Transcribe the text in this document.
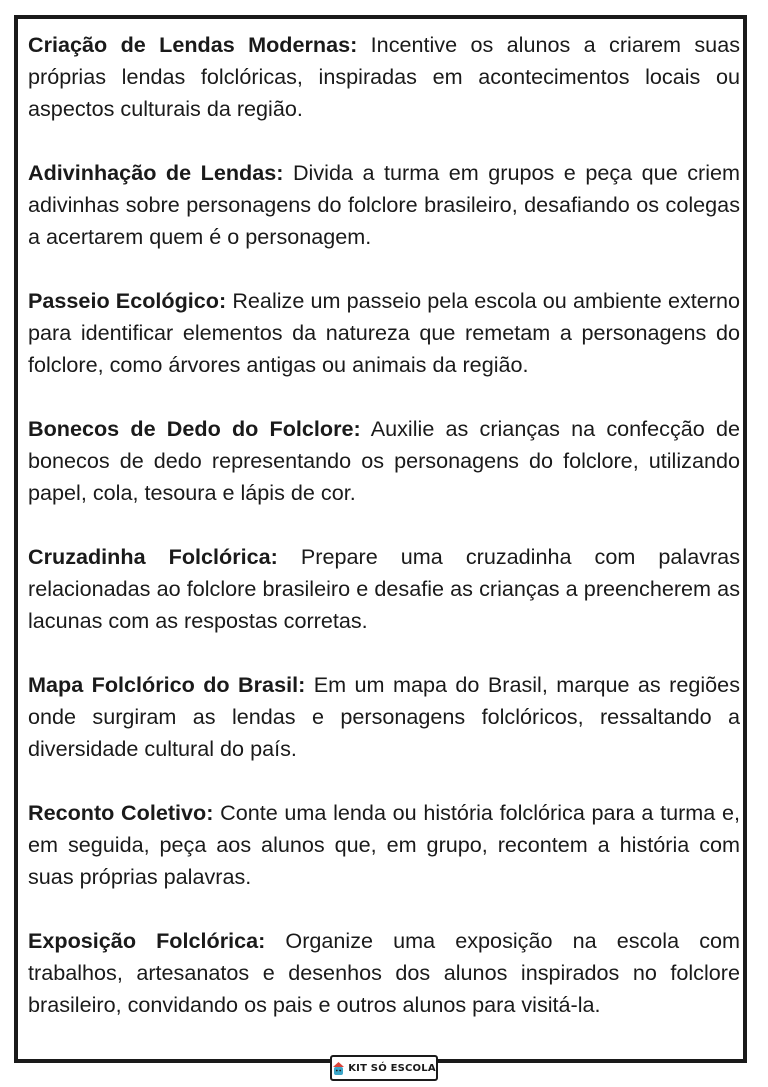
Criação de Lendas Modernas: Incentive os alunos a criarem suas próprias lendas folclóricas, inspiradas em acontecimentos locais ou aspectos culturais da região.

Adivinhação de Lendas: Divida a turma em grupos e peça que criem adivinhas sobre personagens do folclore brasileiro, desafiando os colegas a acertarem quem é o personagem.

Passeio Ecológico: Realize um passeio pela escola ou ambiente externo para identificar elementos da natureza que remetam a personagens do folclore, como árvores antigas ou animais da região.

Bonecos de Dedo do Folclore: Auxilie as crianças na confecção de bonecos de dedo representando os personagens do folclore, utilizando papel, cola, tesoura e lápis de cor.

Cruzadinha Folclórica: Prepare uma cruzadinha com palavras relacionadas ao folclore brasileiro e desafie as crianças a preencherem as lacunas com as respostas corretas.

Mapa Folclórico do Brasil: Em um mapa do Brasil, marque as regiões onde surgiram as lendas e personagens folclóricos, ressaltando a diversidade cultural do país.

Reconto Coletivo: Conte uma lenda ou história folclórica para a turma e, em seguida, peça aos alunos que, em grupo, recontem a história com suas próprias palavras.

Exposição Folclórica: Organize uma exposição na escola com trabalhos, artesanatos e desenhos dos alunos inspirados no folclore brasileiro, convidando os pais e outros alunos para visitá-la.

KIT SÓ ESCOLA
